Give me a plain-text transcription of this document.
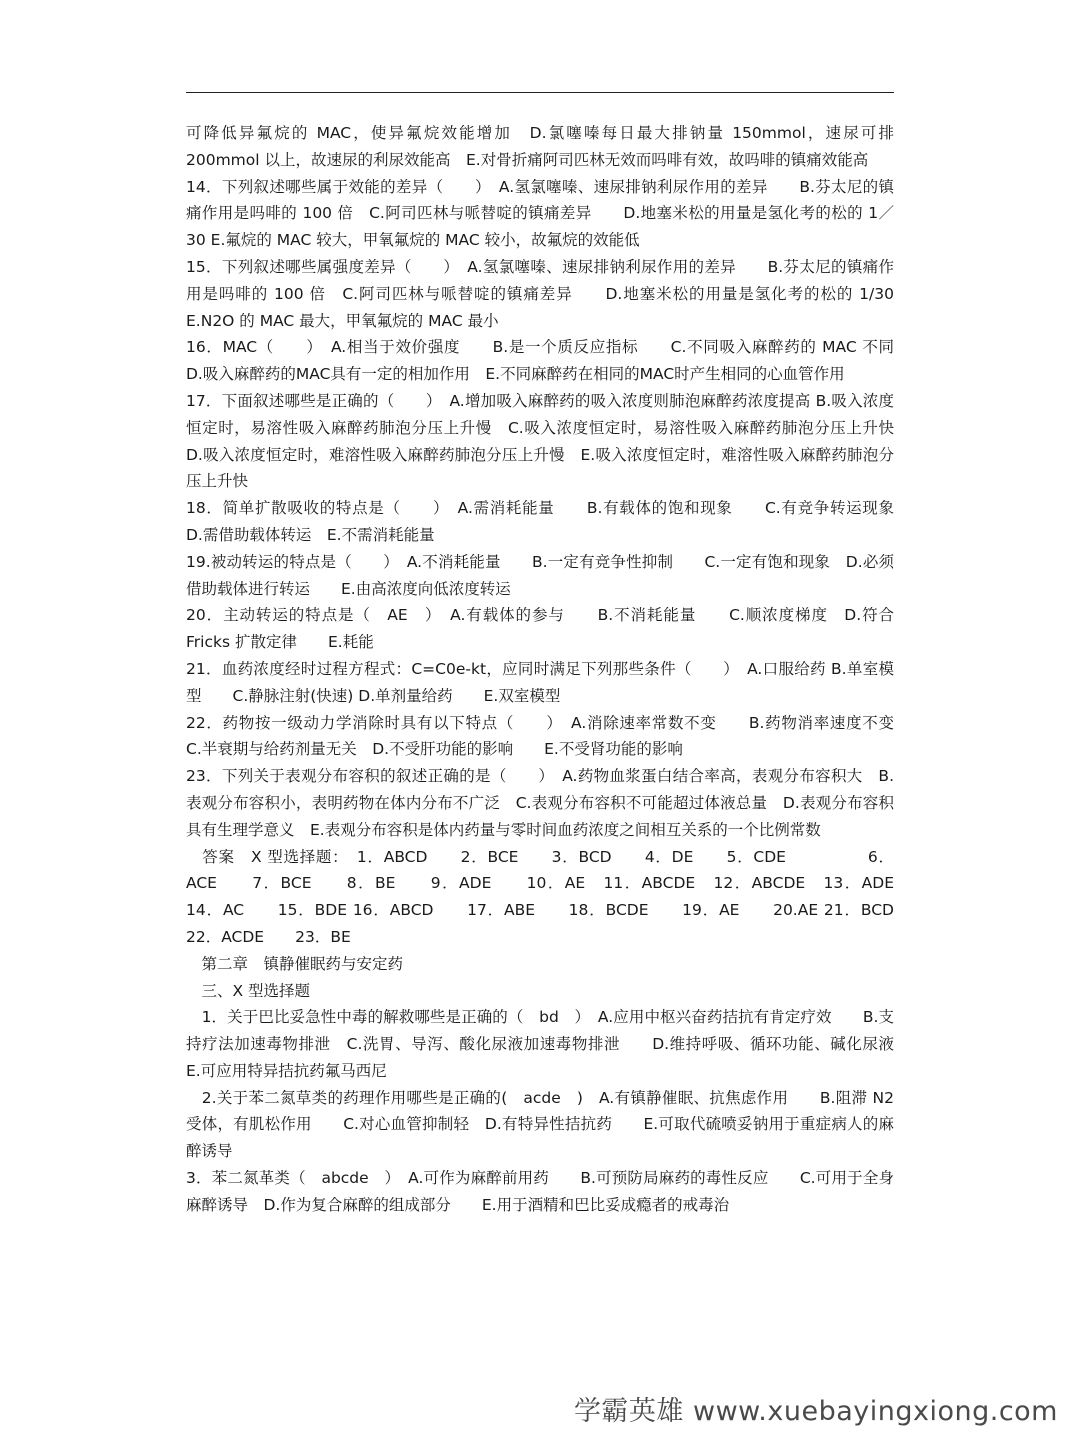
可降低异氟烷的 MAC，使异氟烷效能增加　D.氯噻嗪每日最大排钠量 150mmol，速尿可排 200mmol 以上，故速尿的利尿效能高　E.对骨折痛阿司匹林无效而吗啡有效，故吗啡的镇痛效能高

14．下列叙述哪些属于效能的差异（　　）　A.氢氯噻嗪、速尿排钠利尿作用的差异　　B.芬太尼的镇痛作用是吗啡的 100 倍　C.阿司匹林与哌替啶的镇痛差异　　D.地塞米松的用量是氢化考的松的 1／30 E.氟烷的 MAC 较大，甲氧氟烷的 MAC 较小，故氟烷的效能低

15．下列叙述哪些属强度差异（　　）　A.氢氯噻嗪、速尿排钠利尿作用的差异　　B.芬太尼的镇痛作用是吗啡的 100 倍　C.阿司匹林与哌替啶的镇痛差异　　D.地塞米松的用量是氢化考的松的 1/30 E.N2O 的 MAC 最大，甲氧氟烷的 MAC 最小

16．MAC（　　）　A.相当于效价强度　　B.是一个质反应指标　　C.不同吸入麻醉药的 MAC 不同　D.吸入麻醉药的MAC具有一定的相加作用　E.不同麻醉药在相同的MAC时产生相同的心血管作用

17．下面叙述哪些是正确的（　　）　A.增加吸入麻醉药的吸入浓度则肺泡麻醉药浓度提高 B.吸入浓度恒定时，易溶性吸入麻醉药肺泡分压上升慢　C.吸入浓度恒定时，易溶性吸入麻醉药肺泡分压上升快　D.吸入浓度恒定时，难溶性吸入麻醉药肺泡分压上升慢　E.吸入浓度恒定时，难溶性吸入麻醉药肺泡分压上升快

18．简单扩散吸收的特点是（　　）　A.需消耗能量　　B.有载体的饱和现象　　C.有竞争转运现象　　D.需借助载体转运　E.不需消耗能量

19.被动转运的特点是（　　）　A.不消耗能量　　B.一定有竞争性抑制　　C.一定有饱和现象　D.必须借助载体进行转运　　E.由高浓度向低浓度转运

20．主动转运的特点是（　AE　）　A.有载体的参与　　B.不消耗能量　　C.顺浓度梯度　D.符合 Fricks 扩散定律　　E.耗能

21．血药浓度经时过程方程式：C=C0e-kt，应同时满足下列那些条件（　　）　A.口服给药 B.单室模型　　C.静脉注射(快速) D.单剂量给药　　E.双室模型

22．药物按一级动力学消除时具有以下特点（　　）　A.消除速率常数不变　　B.药物消率速度不变　　C.半衰期与给药剂量无关　D.不受肝功能的影响　　E.不受肾功能的影响

23．下列关于表观分布容积的叙述正确的是（　　）　A.药物血浆蛋白结合率高，表观分布容积大　B.表观分布容积小，表明药物在体内分布不广泛　C.表观分布容积不可能超过体液总量　D.表观分布容积具有生理学意义　E.表观分布容积是体内药量与零时间血药浓度之间相互关系的一个比例常数

　答案　X 型选择题：　1．ABCD　　2．BCE　　3．BCD　　4．DE　　5．CDE　　　　　6．ACE　　7．BCE　　8．BE　　9．ADE　　10．AE　11．ABCDE　12．ABCDE　13．ADE　　14．AC　　15．BDE 16．ABCD　　17．ABE　　18．BCDE　　19．AE　　20.AE 21．BCD 22．ACDE　　23．BE

　第二章　镇静催眠药与安定药

　三、X 型选择题

　1．关于巴比妥急性中毒的解救哪些是正确的（　bd　）　A.应用中枢兴奋药拮抗有肯定疗效　　B.支持疗法加速毒物排泄　C.洗胃、导泻、酸化尿液加速毒物排泄　　D.维持呼吸、循环功能、碱化尿液　E.可应用特异拮抗药氟马西尼

　2.关于苯二氮草类的药理作用哪些是正确的(　acde　)　A.有镇静催眠、抗焦虑作用　　B.阻滞 N2 受体，有肌松作用　　C.对心血管抑制轻　D.有特异性拮抗药　　E.可取代硫喷妥钠用于重症病人的麻醉诱导

3．苯二氮革类（　abcde　）　A.可作为麻醉前用药　　B.可预防局麻药的毒性反应　　C.可用于全身麻醉诱导　D.作为复合麻醉的组成部分　　E.用于酒精和巴比妥成瘾者的戒毒治

学霸英雄 www.xuebayingxiong.com
